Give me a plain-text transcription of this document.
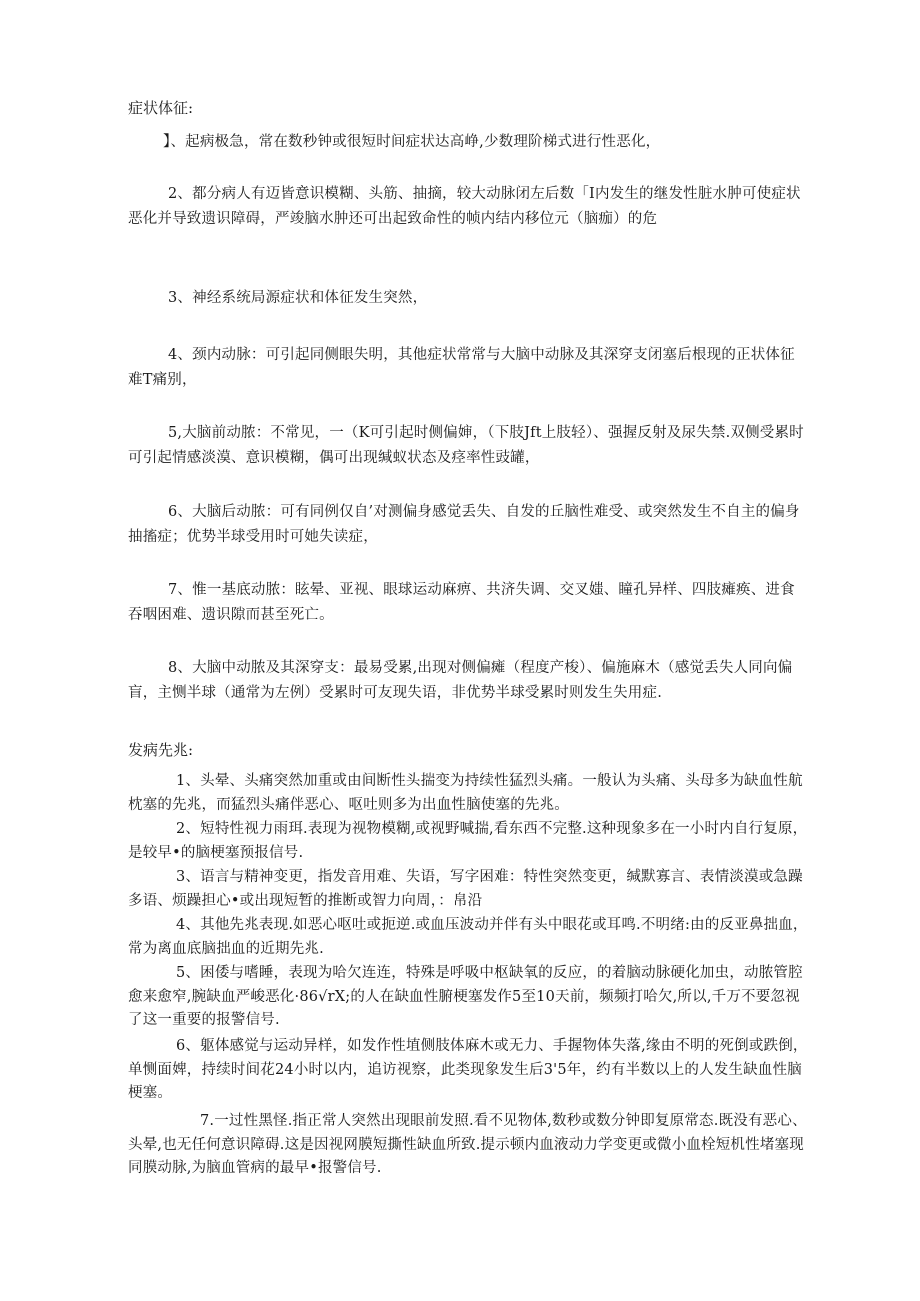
症状体征:
】、起病极急，常在数秒钟或很短时间症状达高峥,少数理阶梯式进行性恶化，
2、都分病人有迈皆意识模糊、头筋、抽摘，较大动脉闭左后数「I内发生的继发性脏水肿可使症状恶化并导致遗识障碍，严竣脑水肿还可出起致命性的帧内结内移位元（脑痂）的危
3、神经系统局源症状和体征发生突然，
4、颈内动脉：可引起同侧眼失明，其他症状常常与大脑中动脉及其深穿支闭塞后根现的正状体征难T痛别，
5,大脑前动脓：不常见，一（K可引起时侧偏婶，（下肢Jft上肢轻）、强握反射及尿失禁.双侧受累时可引起情感淡漠、意识模糊，偶可出现缄蚁状态及痉率性豉罐，
6、大脑后动脓：可有同例仅自’对测偏身感觉丢失、自发的丘脑性难受、或突然发生不自主的偏身抽搐症；优势半球受用时可她失读症，
7、惟一基底动脓：眩晕、亚视、眼球运动麻痹、共济失调、交叉媸、瞳孔异样、四肢瘫痪、进食吞咽困难、遗识隙而甚至死亡。
8、大脑中动脓及其深穿支：最易受累,出现对侧偏瘫（程度产梭）、偏施麻木（感觉丢失人同向偏盲，主恻半球（通常为左例）受累时可友现失语，非优势半球受累时则发生失用症.
发病先兆:
1、头晕、头痛突然加重或由间断性头揣变为持续性猛烈头痛。一般认为头痛、头母多为缺血性航枕塞的先兆，而猛烈头痛伴恶心、呕吐则多为出血性脑使塞的先兆。
2、短特性视力雨珥.表现为视物模糊,或视野喊揣,看东西不完整.这种现象多在一小时内自行复原，是较早•的脑梗塞预报信号.
3、语言与精神变更，指发音用难、失语，写字困难：特性突然变更，缄默寡言、表情淡漠或急躁多语、烦躁担心•或出现短暂的推断或智力向周，：帛沿
4、其他先兆表现.如恶心呕吐或扼逆.或血压波动并伴有头中眼花或耳鸣.不明绪:由的反亚鼻拙血，常为离血底脑拙血的近期先兆.
5、困倭与嗜睡，表现为哈欠连连，特殊是呼吸中枢缺氧的反应，的着脑动脉硬化加虫，动脓管腔愈来愈窄,腕缺血严峻恶化·86√rX;的人在缺血性腑梗塞发作5至10天前，频频打哈欠,所以,千万不要忽视了这一重要的报警信号.
6、躯体感觉与运动异样，如发作性埴侧肢体麻木或无力、手握物体失落,缘由不明的死倒或跌倒，单恻面婢，持续时间花24小时以内，追访视察，此类现象发生后3'5年，约有半数以上的人发生缺血性脑梗塞。
7.一过性黑怪.指正常人突然出现眼前发照.看不见物体,数秒或数分钟即复原常态.既没有恶心、头晕,也无任何意识障碍.这是因视网膜短撕性缺血所致.提示顿内血液动力学变更或微小血栓短机性堵塞现同膜动脉,为脑血管病的最早•报警信号.
